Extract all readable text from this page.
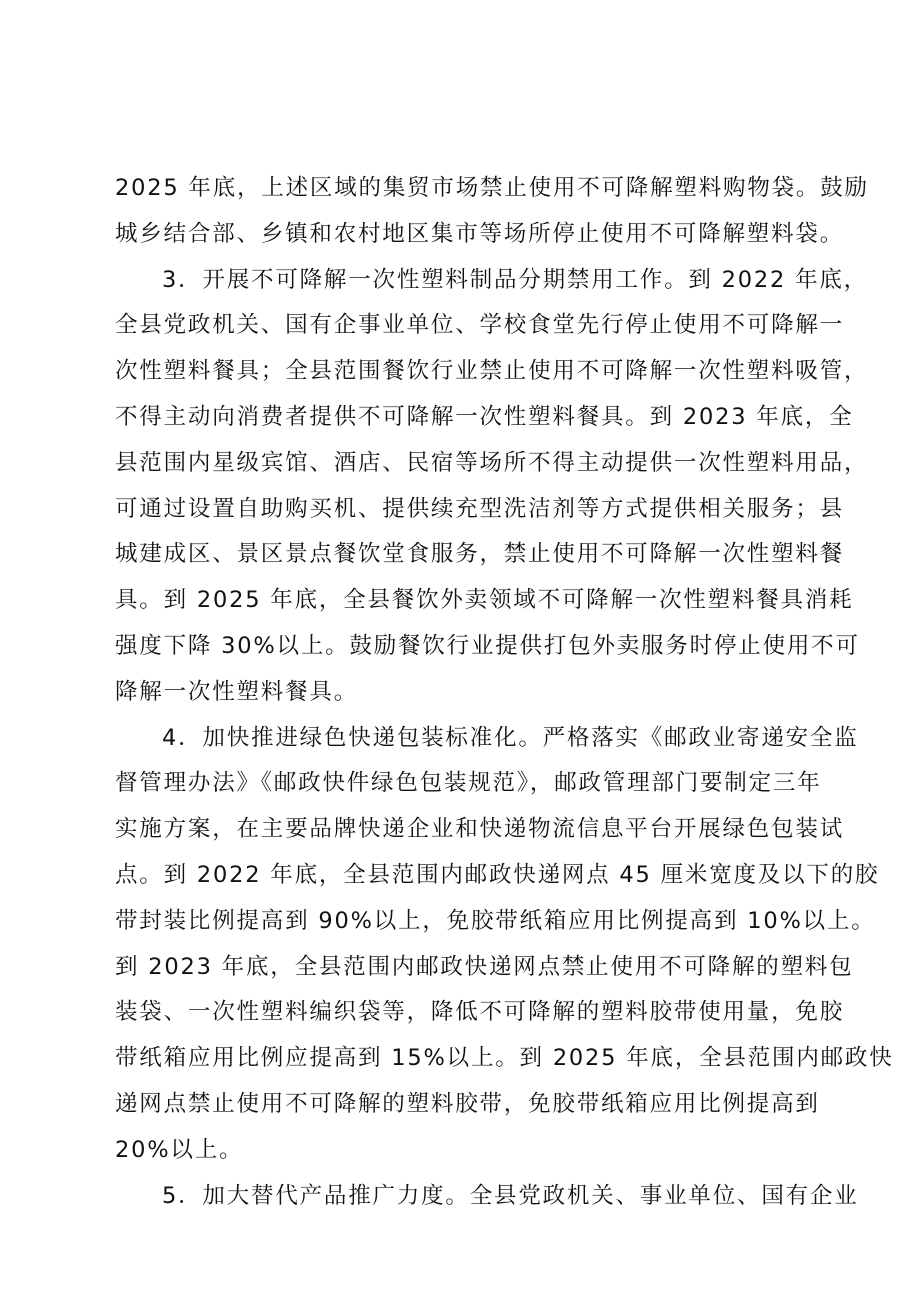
2025 年底，上述区域的集贸市场禁止使用不可降解塑料购物袋。鼓励
城乡结合部、乡镇和农村地区集市等场所停止使用不可降解塑料袋。
3．开展不可降解一次性塑料制品分期禁用工作。到 2022 年底，
全县党政机关、国有企事业单位、学校食堂先行停止使用不可降解一
次性塑料餐具；全县范围餐饮行业禁止使用不可降解一次性塑料吸管，
不得主动向消费者提供不可降解一次性塑料餐具。到 2023 年底，全
县范围内星级宾馆、酒店、民宿等场所不得主动提供一次性塑料用品，
可通过设置自助购买机、提供续充型洗洁剂等方式提供相关服务；县
城建成区、景区景点餐饮堂食服务，禁止使用不可降解一次性塑料餐
具。到 2025 年底，全县餐饮外卖领域不可降解一次性塑料餐具消耗
强度下降 30%以上。鼓励餐饮行业提供打包外卖服务时停止使用不可
降解一次性塑料餐具。
4．加快推进绿色快递包装标准化。严格落实《邮政业寄递安全监
督管理办法》《邮政快件绿色包装规范》，邮政管理部门要制定三年
实施方案，在主要品牌快递企业和快递物流信息平台开展绿色包装试
点。到 2022 年底，全县范围内邮政快递网点 45 厘米宽度及以下的胶
带封装比例提高到 90%以上，免胶带纸箱应用比例提高到 10%以上。
到 2023 年底，全县范围内邮政快递网点禁止使用不可降解的塑料包
装袋、一次性塑料编织袋等，降低不可降解的塑料胶带使用量，免胶
带纸箱应用比例应提高到 15%以上。到 2025 年底，全县范围内邮政快
递网点禁止使用不可降解的塑料胶带，免胶带纸箱应用比例提高到
20%以上。
5．加大替代产品推广力度。全县党政机关、事业单位、国有企业
